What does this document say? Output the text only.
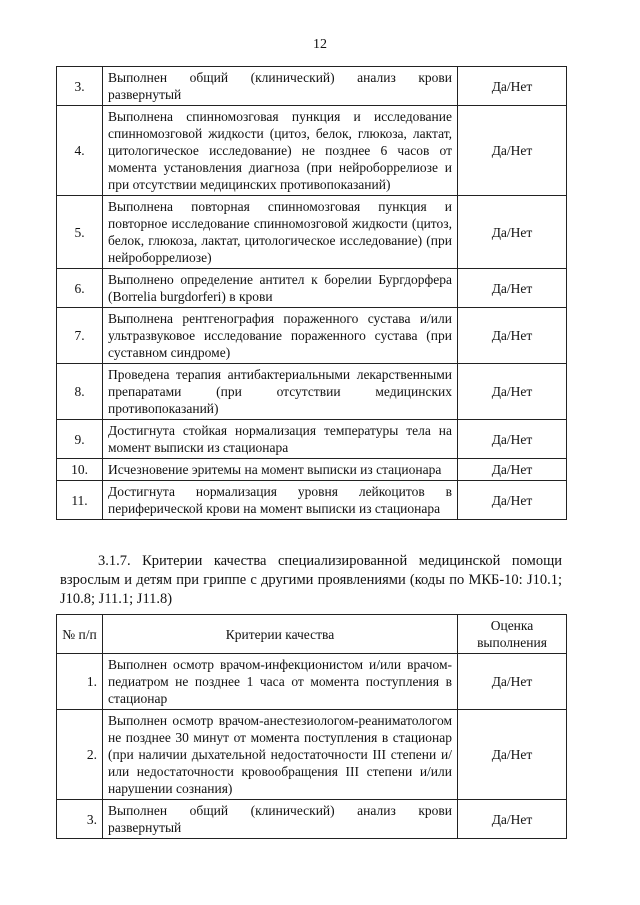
12
3.	Выполнен общий (клинический) анализ крови развернутый	Да/Нет
4.	Выполнена спинномозговая пункция и исследование спинномозговой жидкости (цитоз, белок, глюкоза, лактат, цитологическое исследование) не позднее 6 часов от момента установления диагноза (при нейроборрелиозе и при отсутствии медицинских противопоказаний)	Да/Нет
5.	Выполнена повторная спинномозговая пункция и повторное исследование спинномозговой жидкости (цитоз, белок, глюкоза, лактат, цитологическое исследование) (при нейроборрелиозе)	Да/Нет
6.	Выполнено определение антител к борелии Бургдорфера (Borrelia burgdorferi) в крови	Да/Нет
7.	Выполнена рентгенография пораженного сустава и/или ультразвуковое исследование пораженного сустава (при суставном синдроме)	Да/Нет
8.	Проведена терапия антибактериальными лекарственными препаратами (при отсутствии медицинских противопоказаний)	Да/Нет
9.	Достигнута стойкая нормализация температуры тела на момент выписки из стационара	Да/Нет
10.	Исчезновение эритемы на момент выписки из стационара	Да/Нет
11.	Достигнута нормализация уровня лейкоцитов в периферической крови на момент выписки из стационара	Да/Нет
3.1.7. Критерии качества специализированной медицинской помощи взрослым и детям при гриппе с другими проявлениями (коды по МКБ-10: J10.1; J10.8; J11.1; J11.8)
№ п/п	Критерии качества	Оценка выполнения
1.	Выполнен осмотр врачом-инфекционистом и/или врачом-педиатром не позднее 1 часа от момента поступления в стационар	Да/Нет
2.	Выполнен осмотр врачом-анестезиологом-реаниматологом не позднее 30 минут от момента поступления в стационар (при наличии дыхательной недостаточности III степени и/или недостаточности кровообращения III степени и/или нарушении сознания)	Да/Нет
3.	Выполнен общий (клинический) анализ крови развернутый	Да/Нет
